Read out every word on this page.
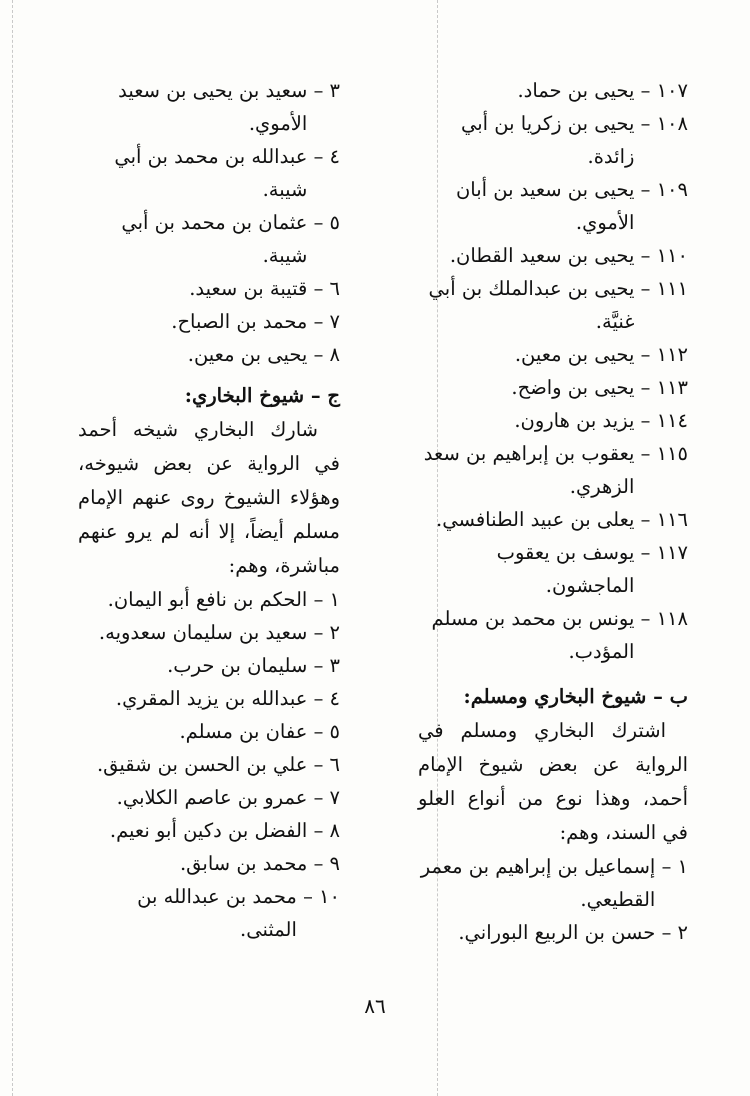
١٠٧ –

يحيى بن حماد.
١٠٨ –

يحيى بن زكريا بن أبي زائدة.
١٠٩ –

يحيى بن سعيد بن أبان الأموي.
١١٠ –

يحيى بن سعيد القطان.
١١١ –

يحيى بن عبدالملك بن أبي غنيَّة.
١١٢ –

يحيى بن معين.
١١٣ –

يحيى بن واضح.
١١٤ –

يزيد بن هارون.
١١٥ –

يعقوب بن إبراهيم بن سعد الزهري.
١١٦ –

يعلى بن عبيد الطنافسي.
١١٧ –

يوسف بن يعقوب الماجشون.
١١٨ –

يونس بن محمد بن مسلم المؤدب.
ب – شيوخ البخاري ومسلم:
اشترك البخاري ومسلم في الرواية عن بعض شيوخ الإمام أحمد، وهذا نوع من أنواع العلو في السند، وهم:
١ –

إسماعيل بن إبراهيم بن معمر القطيعي.
٢ –

حسن بن الربيع البوراني.
٣ –

سعيد بن يحيى بن سعيد الأموي.
٤ –

عبدالله بن محمد بن أبي شيبة.
٥ –

عثمان بن محمد بن أبي شيبة.
٦ –

قتيبة بن سعيد.
٧ –

محمد بن الصباح.
٨ –

يحيى بن معين.
ج – شيوخ البخاري:
شارك البخاري شيخه أحمد في الرواية عن بعض شيوخه، وهؤلاء الشيوخ روى عنهم الإمام مسلم أيضاً، إلا أنه لم يرو عنهم مباشرة، وهم:
١ –

الحكم بن نافع أبو اليمان.
٢ –

سعيد بن سليمان سعدويه.
٣ –

سليمان بن حرب.
٤ –

عبدالله بن يزيد المقري.
٥ –

عفان بن مسلم.
٦ –

علي بن الحسن بن شقيق.
٧ –

عمرو بن عاصم الكلابي.
٨ –

الفضل بن دكين أبو نعيم.
٩ –

محمد بن سابق.
١٠ –

محمد بن عبدالله بن المثنى.
٨٦
